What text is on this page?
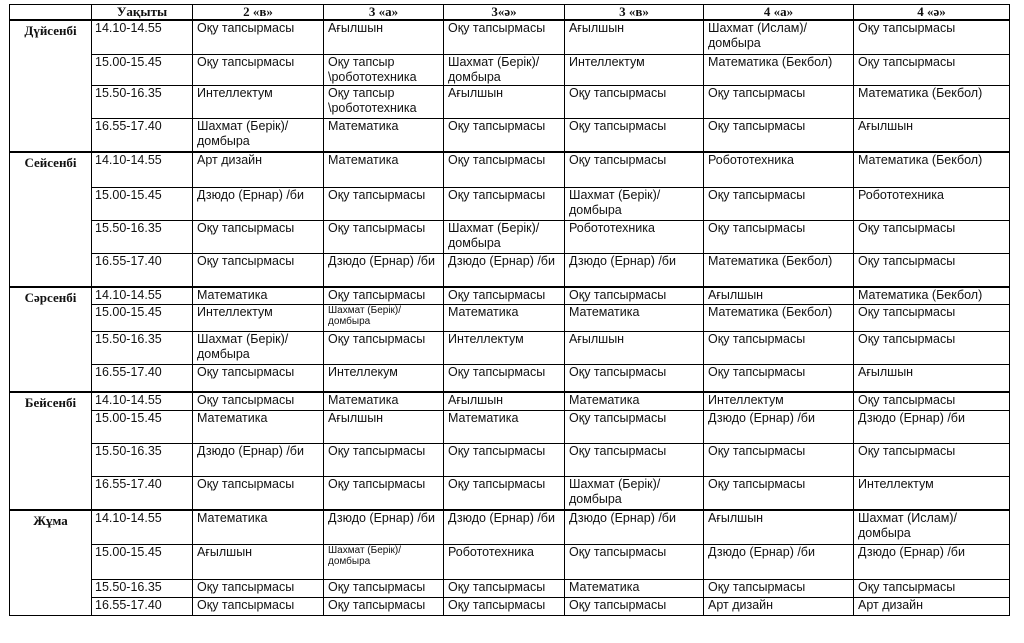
	Уақыты	2 «в»	3 «а»	3«ә»	3 «в»	4 «а»	4 «ә»
Дүйсенбі	14.10-14.55	Оқу тапсырмасы	Ағылшын	Оқу тапсырмасы	Ағылшын	Шахмат (Ислам)/ домбыра	Оқу тапсырмасы
	15.00-15.45	Оқу тапсырмасы	Оқу тапсыр \робототехника	Шахмат (Берік)/ домбыра	Интеллектум	Математика (Бекбол)	Оқу тапсырмасы
	15.50-16.35	Интеллектум	Оқу тапсыр \робототехника	Ағылшын	Оқу тапсырмасы	Оқу тапсырмасы	Математика (Бекбол)
	16.55-17.40	Шахмат (Берік)/ домбыра	Математика	Оқу тапсырмасы	Оқу тапсырмасы	Оқу тапсырмасы	Ағылшын
Сейсенбі	14.10-14.55	Арт дизайн	Математика	Оқу тапсырмасы	Оқу тапсырмасы	Робототехника	Математика (Бекбол)
	15.00-15.45	Дзюдо (Ернар) /би	Оқу тапсырмасы	Оқу тапсырмасы	Шахмат (Берік)/ домбыра	Оқу тапсырмасы	Робототехника
	15.50-16.35	Оқу тапсырмасы	Оқу тапсырмасы	Шахмат (Берік)/ домбыра	Робототехника	Оқу тапсырмасы	Оқу тапсырмасы
	16.55-17.40	Оқу тапсырмасы	Дзюдо (Ернар) /би	Дзюдо (Ернар) /би	Дзюдо (Ернар) /би	Математика (Бекбол)	Оқу тапсырмасы
Сәрсенбі	14.10-14.55	Математика	Оқу тапсырмасы	Оқу тапсырмасы	Оқу тапсырмасы	Ағылшын	Математика (Бекбол)
	15.00-15.45	Интеллектум	Шахмат (Берік)/ домбыра	Математика	Математика	Математика (Бекбол)	Оқу тапсырмасы
	15.50-16.35	Шахмат (Берік)/ домбыра	Оқу тапсырмасы	Интеллектум	Ағылшын	Оқу тапсырмасы	Оқу тапсырмасы
	16.55-17.40	Оқу тапсырмасы	Интеллекум	Оқу тапсырмасы	Оқу тапсырмасы	Оқу тапсырмасы	Ағылшын
Бейсенбі	14.10-14.55	Оқу тапсырмасы	Математика	Ағылшын	Математика	Интеллектум	Оқу тапсырмасы
	15.00-15.45	Математика	Ағылшын	Математика	Оқу тапсырмасы	Дзюдо (Ернар) /би	Дзюдо (Ернар) /би
	15.50-16.35	Дзюдо (Ернар) /би	Оқу тапсырмасы	Оқу тапсырмасы	Оқу тапсырмасы	Оқу тапсырмасы	Оқу тапсырмасы
	16.55-17.40	Оқу тапсырмасы	Оқу тапсырмасы	Оқу тапсырмасы	Шахмат (Берік)/ домбыра	Оқу тапсырмасы	Интеллектум
Жұма	14.10-14.55	Математика	Дзюдо (Ернар) /би	Дзюдо (Ернар) /би	Дзюдо (Ернар) /би	Ағылшын	Шахмат (Ислам)/ домбыра
	15.00-15.45	Ағылшын	Шахмат (Берік)/ домбыра	Робототехника	Оқу тапсырмасы	Дзюдо (Ернар) /би	Дзюдо (Ернар) /би
	15.50-16.35	Оқу тапсырмасы	Оқу тапсырмасы	Оқу тапсырмасы	Математика	Оқу тапсырмасы	Оқу тапсырмасы
	16.55-17.40	Оқу тапсырмасы	Оқу тапсырмасы	Оқу тапсырмасы	Оқу тапсырмасы	Арт дизайн	Арт дизайн
